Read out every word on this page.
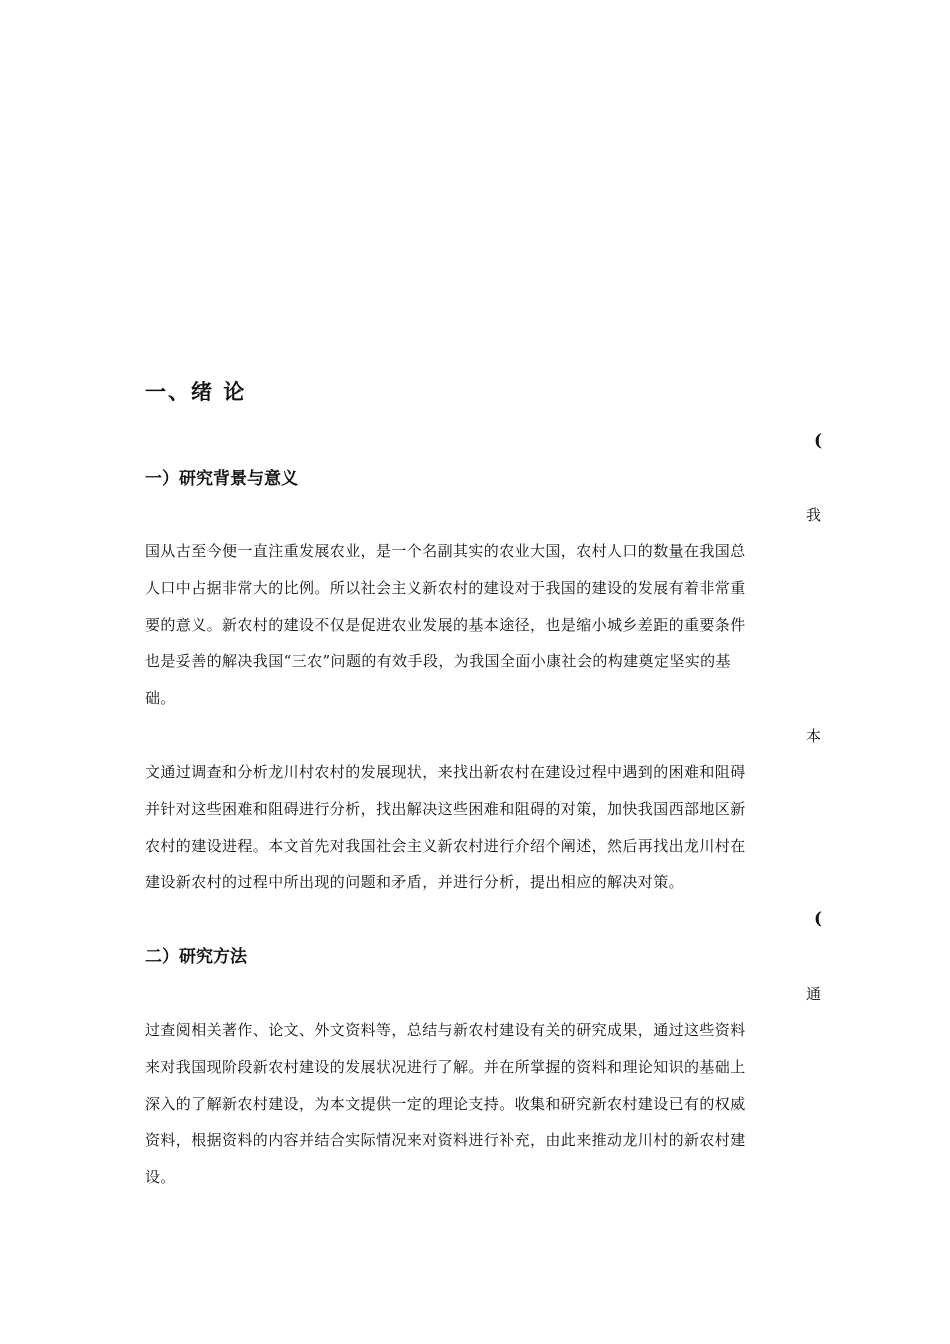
一、绪 论
(
一）研究背景与意义
我
国从古至今便一直注重发展农业，是一个名副其实的农业大国，农村人口的数量在我国总
人口中占据非常大的比例。所以社会主义新农村的建设对于我国的建设的发展有着非常重
要的意义。新农村的建设不仅是促进农业发展的基本途径，也是缩小城乡差距的重要条件
也是妥善的解决我国“三农”问题的有效手段，为我国全面小康社会的构建奠定坚实的基
础。
本
文通过调查和分析龙川村农村的发展现状，来找出新农村在建设过程中遇到的困难和阻碍
并针对这些困难和阻碍进行分析，找出解决这些困难和阻碍的对策，加快我国西部地区新
农村的建设进程。本文首先对我国社会主义新农村进行介绍个阐述，然后再找出龙川村在
建设新农村的过程中所出现的问题和矛盾，并进行分析，提出相应的解决对策。
(
二）研究方法
通
过查阅相关著作、论文、外文资料等，总结与新农村建设有关的研究成果，通过这些资料
来对我国现阶段新农村建设的发展状况进行了解。并在所掌握的资料和理论知识的基础上
深入的了解新农村建设，为本文提供一定的理论支持。收集和研究新农村建设已有的权威
资料，根据资料的内容并结合实际情况来对资料进行补充，由此来推动龙川村的新农村建
设。
